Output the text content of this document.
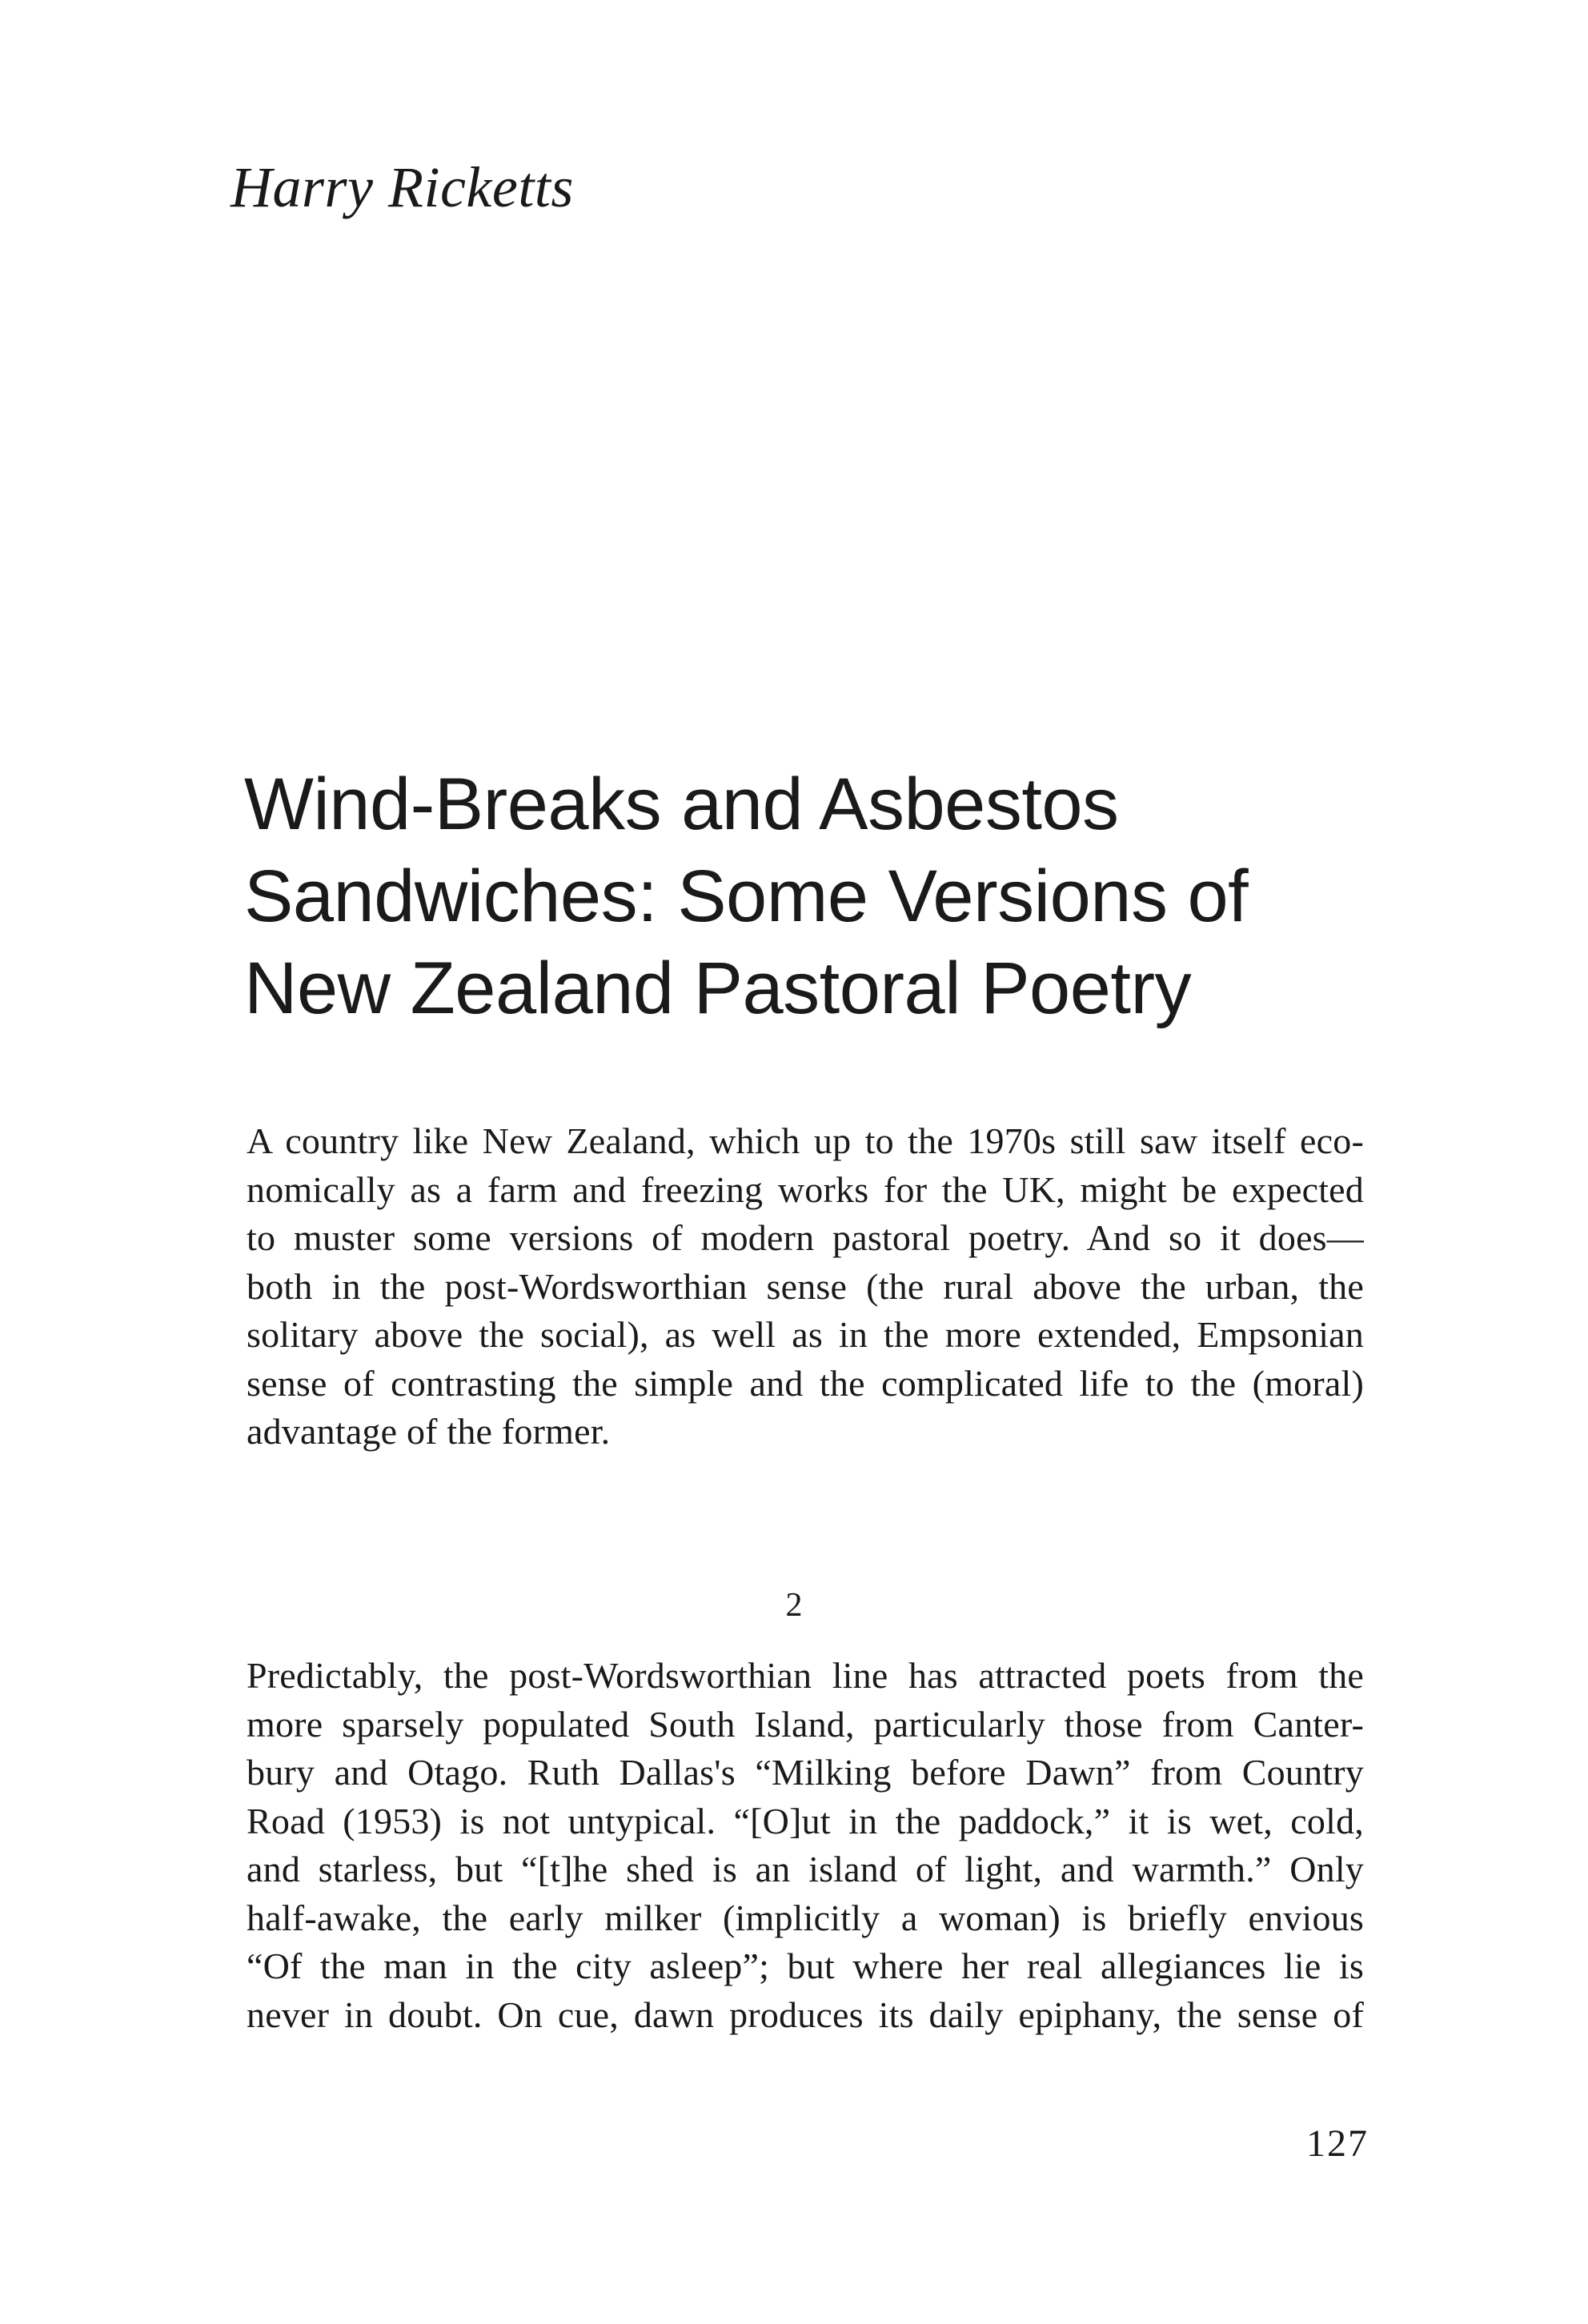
Harry Ricketts
Wind-Breaks and Asbestos
Sandwiches: Some Versions of
New Zealand Pastoral Poetry
A country like New Zealand, which up to the 1970s still saw itself eco-
nomically as a farm and freezing works for the UK, might be expected
to muster some versions of modern pastoral poetry. And so it does—
both in the post-Wordsworthian sense (the rural above the urban, the
solitary above the social), as well as in the more extended, Empsonian
sense of contrasting the simple and the complicated life to the (moral)
advantage of the former.
2
Predictably, the post-Wordsworthian line has attracted poets from the
more sparsely populated South Island, particularly those from Canter-
bury and Otago. Ruth Dallas's “Milking before Dawn” from Country
Road (1953) is not untypical. “[O]ut in the paddock,” it is wet, cold,
and starless, but “[t]he shed is an island of light, and warmth.” Only
half-awake, the early milker (implicitly a woman) is briefly envious
“Of the man in the city asleep”; but where her real allegiances lie is
never in doubt. On cue, dawn produces its daily epiphany, the sense of
127
